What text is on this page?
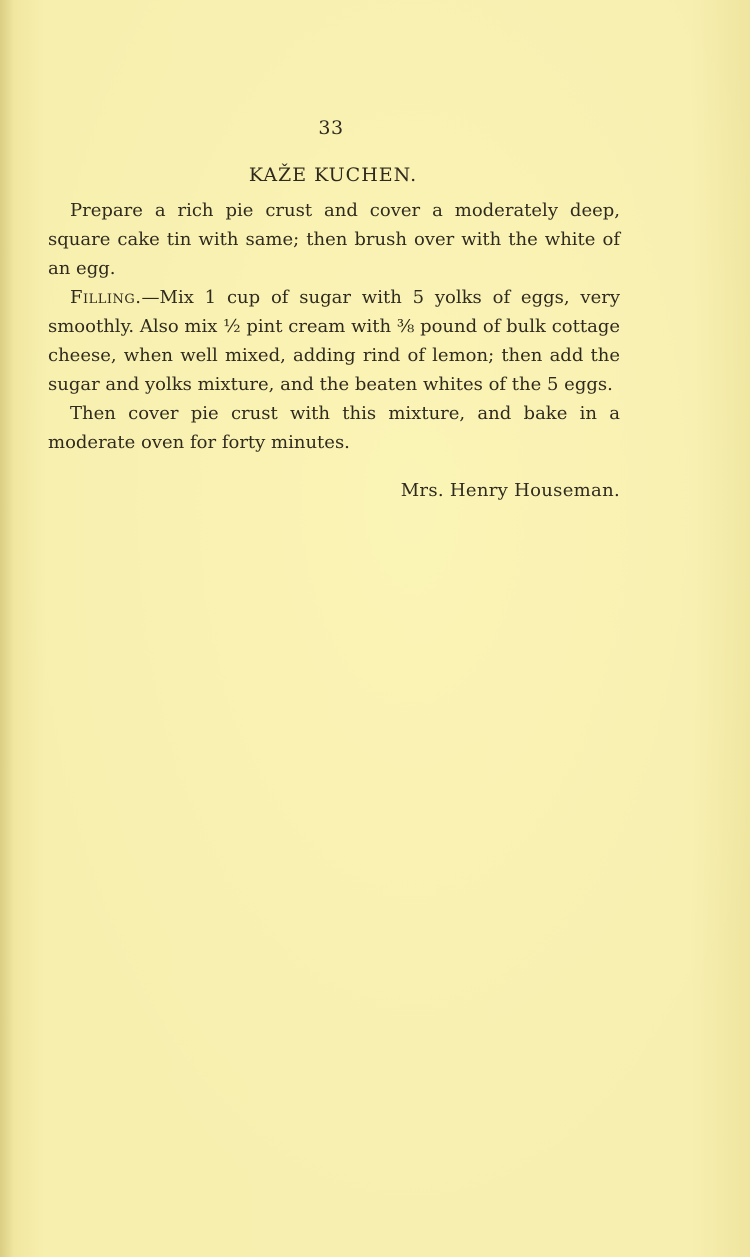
33
KAŽE KUCHEN.

Prepare a rich pie crust and cover a moderately deep, square cake tin with same; then brush over with the white of an egg.

Filling.—Mix 1 cup of sugar with 5 yolks of eggs, very smoothly. Also mix ½ pint cream with ⅜ pound of bulk cottage cheese, when well mixed, adding rind of lemon; then add the sugar and yolks mixture, and the beaten whites of the 5 eggs.

Then cover pie crust with this mixture, and bake in a moderate oven for forty minutes.

Mrs. Henry Houseman.
